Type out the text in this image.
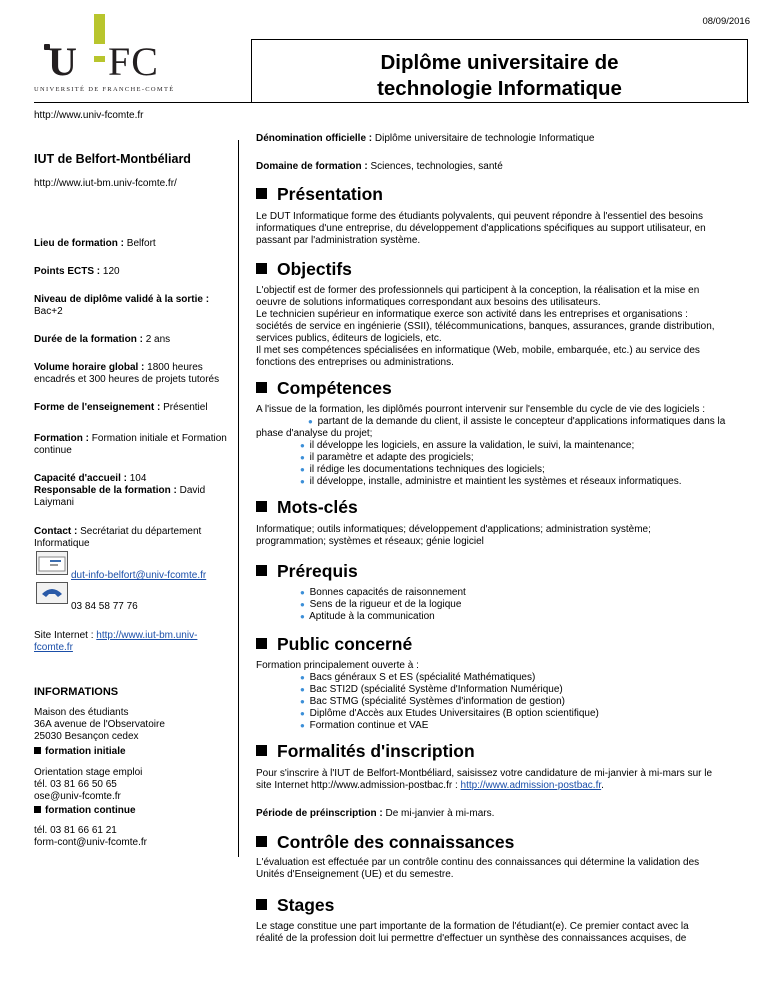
08/09/2016
U FC
UNIVERSITÉ DE FRANCHE-COMTÉ
Diplôme universitaire de
technologie Informatique
http://www.univ-fcomte.fr
IUT de Belfort-Montbéliard
http://www.iut-bm.univ-fcomte.fr/
Lieu de formation : Belfort
Points ECTS : 120
Niveau de diplôme validé à la sortie :
Bac+2
Durée de la formation : 2 ans
Volume horaire global : 1800 heures
encadrés et 300 heures de projets tutorés
Forme de l'enseignement : Présentiel
Formation : Formation initiale et Formation
continue
Capacité d'accueil : 104
Responsable de la formation : David
Laiymani
Contact : Secrétariat du département
Informatique
dut-info-belfort@univ-fcomte.fr
03 84 58 77 76
Site Internet : http://www.iut-bm.univ-
fcomte.fr
INFORMATIONS
Maison des étudiants
36A avenue de l'Observatoire
25030 Besançon cedex
formation initiale
Orientation stage emploi
tél. 03 81 66 50 65
ose@univ-fcomte.fr
formation continue
tél. 03 81 66 61 21
form-cont@univ-fcomte.fr
Dénomination officielle : Diplôme universitaire de technologie Informatique
Domaine de formation : Sciences, technologies, santé
Présentation
Le DUT Informatique forme des étudiants polyvalents, qui peuvent répondre à l'essentiel des besoins
informatiques d'une entreprise, du développement d'applications spécifiques au support utilisateur, en
passant par l'administration système.
Objectifs
L'objectif est de former des professionnels qui participent à la conception, la réalisation et la mise en
oeuvre de solutions informatiques correspondant aux besoins des utilisateurs.
Le technicien supérieur en informatique exerce son activité dans les entreprises et organisations :
sociétés de service en ingénierie (SSII), télécommunications, banques, assurances, grande distribution,
services publics, éditeurs de logiciels, etc.
Il met ses compétences spécialisées en informatique (Web, mobile, embarquée, etc.) au service des
fonctions des entreprises ou administrations.
Compétences
A l'issue de la formation, les diplômés pourront intervenir sur l'ensemble du cycle de vie des logiciels :
● partant de la demande du client, il assiste le concepteur d'applications informatiques dans la
phase d'analyse du projet;
● il développe les logiciels, en assure la validation, le suivi, la maintenance;
● il paramètre et adapte des progiciels;
● il rédige les documentations techniques des logiciels;
● il développe, installe, administre et maintient les systèmes et réseaux informatiques.
Mots-clés
Informatique; outils informatiques; développement d'applications; administration système;
programmation; systèmes et réseaux; génie logiciel
Prérequis
● Bonnes capacités de raisonnement
● Sens de la rigueur et de la logique
● Aptitude à la communication
Public concerné
Formation principalement ouverte à :
● Bacs généraux S et ES (spécialité Mathématiques)
● Bac STI2D (spécialité Système d'Information Numérique)
● Bac STMG (spécialité Systèmes d'information de gestion)
● Diplôme d'Accès aux Etudes Universitaires (B option scientifique)
● Formation continue et VAE
Formalités d'inscription
Pour s'inscrire à l'IUT de Belfort-Montbéliard, saisissez votre candidature de mi-janvier à mi-mars sur le
site Internet http://www.admission-postbac.fr : http://www.admission-postbac.fr.
Période de préinscription : De mi-janvier à mi-mars.
Contrôle des connaissances
L'évaluation est effectuée par un contrôle continu des connaissances qui détermine la validation des
Unités d'Enseignement (UE) et du semestre.
Stages
Le stage constitue une part importante de la formation de l'étudiant(e). Ce premier contact avec la
réalité de la profession doit lui permettre d'effectuer un synthèse des connaissances acquises, de
